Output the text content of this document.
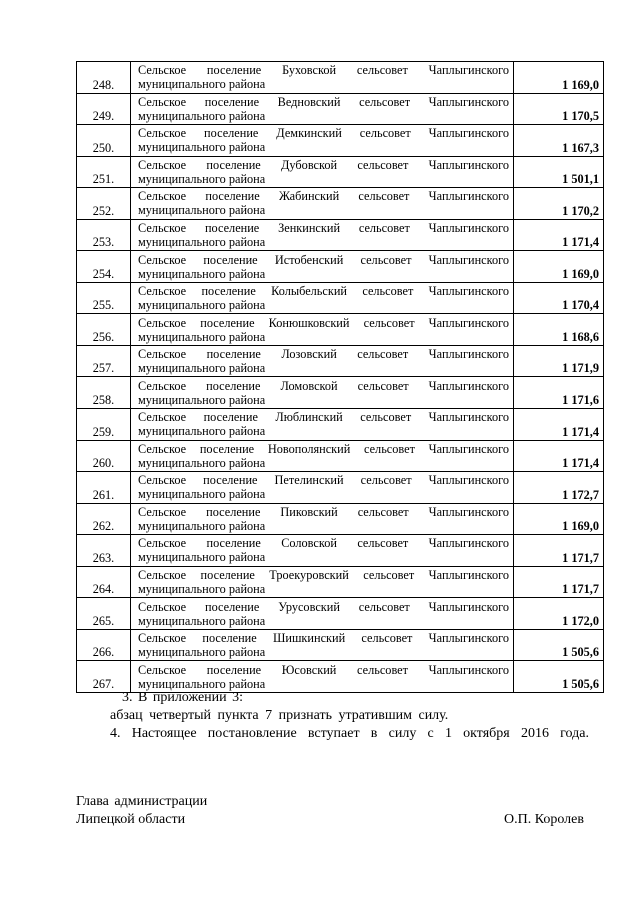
248.	Сельское поселение Буховской сельсовет Чаплыгинского муниципального района	1 169,0
249.	Сельское поселение Ведновский сельсовет Чаплыгинского муниципального района	1 170,5
250.	Сельское поселение Демкинский сельсовет Чаплыгинского муниципального района	1 167,3
251.	Сельское поселение Дубовской сельсовет Чаплыгинского муниципального района	1 501,1
252.	Сельское поселение Жабинский сельсовет Чаплыгинского муниципального района	1 170,2
253.	Сельское поселение Зенкинский сельсовет Чаплыгинского муниципального района	1 171,4
254.	Сельское поселение Истобенский сельсовет Чаплыгинского муниципального района	1 169,0
255.	Сельское поселение Колыбельский сельсовет Чаплыгинского муниципального района	1 170,4
256.	Сельское поселение Конюшковский сельсовет Чаплыгинского муниципального района	1 168,6
257.	Сельское поселение Лозовский сельсовет Чаплыгинского муниципального района	1 171,9
258.	Сельское поселение Ломовской сельсовет Чаплыгинского муниципального района	1 171,6
259.	Сельское поселение Люблинский сельсовет Чаплыгинского муниципального района	1 171,4
260.	Сельское поселение Новополянский сельсовет Чаплыгинского муниципального района	1 171,4
261.	Сельское поселение Петелинский сельсовет Чаплыгинского муниципального района	1 172,7
262.	Сельское поселение Пиковский сельсовет Чаплыгинского муниципального района	1 169,0
263.	Сельское поселение Соловской сельсовет Чаплыгинского муниципального района	1 171,7
264.	Сельское поселение Троекуровский сельсовет Чаплыгинского муниципального района	1 171,7
265.	Сельское поселение Урусовский сельсовет Чаплыгинского муниципального района	1 172,0
266.	Сельское поселение Шишкинский сельсовет Чаплыгинского муниципального района	1 505,6
267.	Сельское поселение Юсовский сельсовет Чаплыгинского муниципального района	1 505,6
3. В приложении 3:
абзац четвертый пункта 7 признать утратившим силу.
4. Настоящее постановление вступает в силу с 1 октября 2016 года.
Глава администрации
Липецкой области	О.П. Королев
